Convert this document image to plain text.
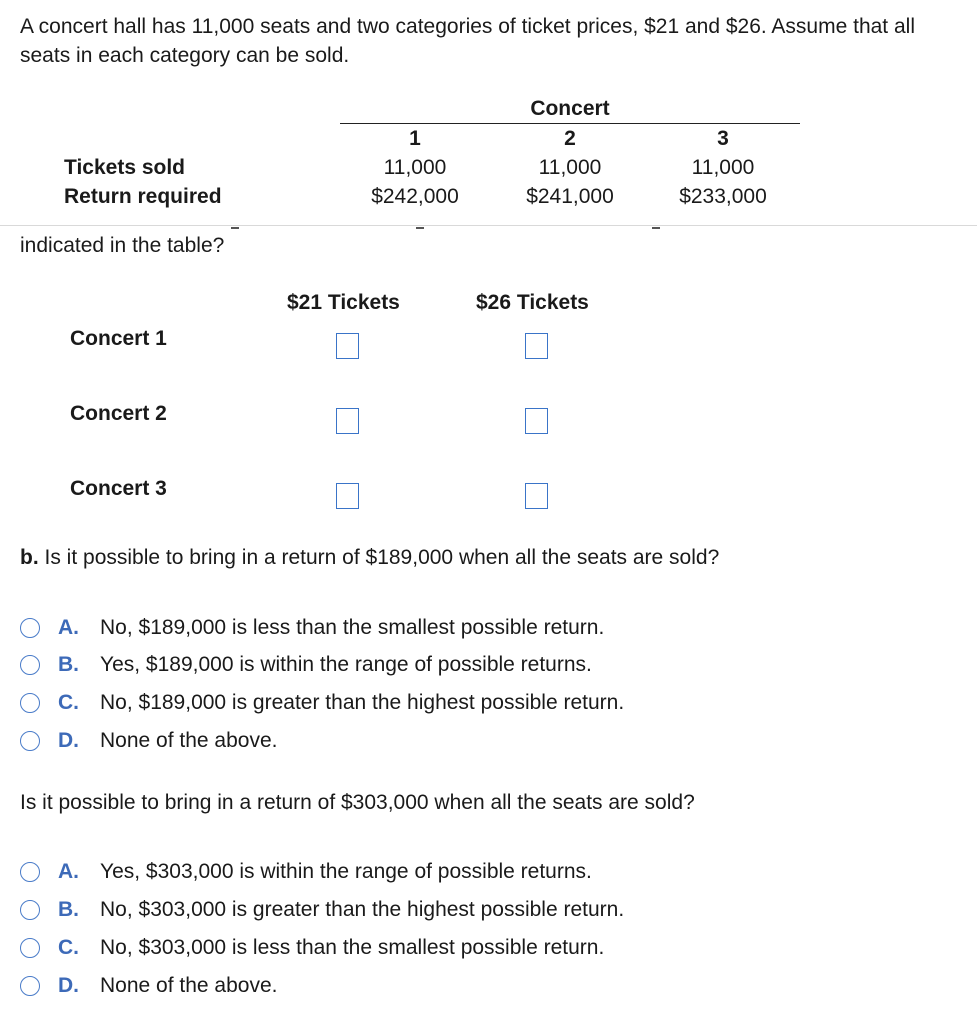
A concert hall has 11,000 seats and two categories of ticket prices, $21 and $26. Assume that all seats in each category can be sold.
Concert
1	2	3
Tickets sold	11,000	11,000	11,000
Return required	$242,000	$241,000	$233,000
indicated in the table?
$21 Tickets	$26 Tickets
Concert 1
Concert 2
Concert 3
b. Is it possible to bring in a return of $189,000 when all the seats are sold?
A.	No, $189,000 is less than the smallest possible return.
B.	Yes, $189,000 is within the range of possible returns.
C.	No, $189,000 is greater than the highest possible return.
D.	None of the above.
Is it possible to bring in a return of $303,000 when all the seats are sold?
A.	Yes, $303,000 is within the range of possible returns.
B.	No, $303,000 is greater than the highest possible return.
C.	No, $303,000 is less than the smallest possible return.
D.	None of the above.
